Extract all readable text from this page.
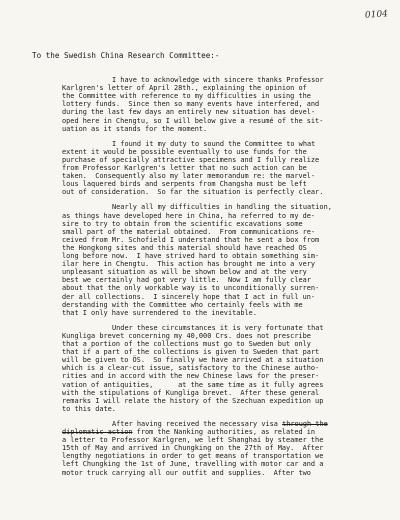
0104
To the Swedish China Research Committee:-
I have to acknowledge with sincere thanks Professor
Karlgren's letter of April 28th., explaining the opinion of
the Committee with reference to my difficulties in using the
lottery funds.  Since then so many events have interfered, and
during the last few days an entirely new situation has devel-
oped here in Chengtu, so I will below give a resumé of the sit-
uation as it stands for the moment.
I found it my duty to sound the Committee to what
extent it would be possible eventually to use funds for the
purchase of specially attractive specimens and I fully realize
from Professor Karlgren's letter that no such action can be
taken.  Consequently also my later memorandum re: the marvel-
lous laquered birds and serpents from Changsha must be left
out of consideration.  So far the situation is perfectly clear.
Nearly all my difficulties in handling the situation,
as things have developed here in China, ha referred to my de-
sire to try to obtain from the scientific excavations some
small part of the material obtained.  From communications re-
ceived from Mr. Schofield I understand that he sent a box from
the Hongkong sites and this material should have reached OS
long before now.  I have strived hard to obtain something sim-
ilar here in Chengtu.  This action has brought me into a very
unpleasant situation as will be shown below and at the very
best we certainly had got very little.  Now I am fully clear
about that the only workable way is to unconditionally surren-
der all collections.  I sincerely hope that I act in full un-
derstanding with the Committee who certainly feels with me
that I only have surrendered to the inevitable.
Under these circumstances it is very fortunate that
Kungliga brevet concerning my 40,000 Crs. does not prescribe
that a portion of the collections must go to Sweden but only
that if a part of the collections is given to Sweden that part
will be given to ÖS.  So finally we have arrived at a situation
which is a clear-cut issue, satisfactory to the Chinese autho-
rities and in accord with the new Chinese laws for the preser-
vation of antiquities,      at the same time as it fully agrees
with the stipulations of Kungliga brevet.  After these general
remarks I will relate the history of the Szechuan expedition up
to this date.
After having received the necessary visa through the
diplomatic action from the Nanking authorities, as related in
a letter to Professor Karlgren, we left Shanghai by steamer the
15th of May and arrived in Chungking on the 27th of May.  After
lengthy negotiations in order to get means of transportation we
left Chungking the 1st of June, travelling with motor car and a
motor truck carrying all our outfit and supplies.  After two
